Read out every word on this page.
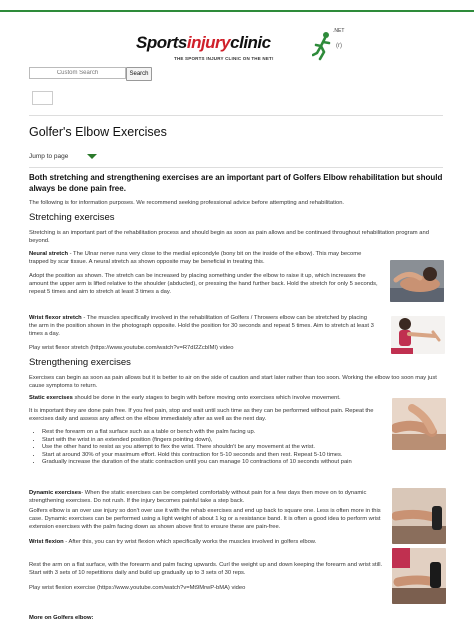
Sportsinjuryclinic
THE SPORTS INJURY CLINIC ON THE NET!
.NET
(r)
Custom Search
Search
Golfer's Elbow Exercises
Jump to page
Both stretching and strengthening exercises are an important part of Golfers Elbow rehabilitation but should always be done pain free.
The following is for information purposes. We recommend seeking professional advice before attempting and rehabilitation.
Stretching exercises
Stretching is an important part of the rehabilitation process and should begin as soon as pain allows and be continued throughout rehabilitation program and beyond.
Neural stretch - The Ulnar nerve runs very close to the medial epicondyle (bony bit on the inside of the elbow). This may become trapped by scar tissue. A neural stretch as shown opposite may be beneficial in treating this.
Adopt the position as shown. The stretch can be increased by placing something under the elbow to raise it up, which increases the amount the upper arm is lifted relative to the shoulder (abducted), or pressing the hand further back. Hold the stretch for only 5 seconds, repeat 5 times and aim to stretch at least 3 times a day.
Wrist flexor stretch - The muscles specifically involved in the rehabilitation of Golfers / Throwers elbow can be stretched by placing the arm in the position shown in the photograph opposite. Hold the position for 30 seconds and repeat 5 times. Aim to stretch at least 3 times a day.
Play wrist flexor stretch (https://www.youtube.com/watch?v=R7dI2ZcbIMI) video
Strengthening exercises
Exercises can begin as soon as pain allows but it is better to air on the side of caution and start later rather than too soon. Working the elbow too soon may just cause symptoms to return.
Static exercises should be done in the early stages to begin with before moving onto exercises which involve movement.
It is important they are done pain free. If you feel pain, stop and wait until such time as they can be performed without pain. Repeat the exercises daily and assess any affect on the elbow immediately after as well as the next day.
• Rest the forearm on a flat surface such as a table or bench with the palm facing up.
• Start with the wrist in an extended position (fingers pointing down),
• Use the other hand to resist as you attempt to flex the wrist. There shouldn't be any movement at the wrist.
• Start at around 30% of your maximum effort. Hold this contraction for 5-10 seconds and then rest. Repeat 5-10 times.
• Gradually increase the duration of the static contraction until you can manage 10 contractions of 10 seconds without pain
Dynamic exercises- When the static exercises can be completed comfortably without pain for a few days then move on to dynamic strengthening exercises. Do not rush. If the injury becomes painful take a step back.
Golfers elbow is an over use injury so don't over use it with the rehab exercises and end up back to square one. Less is often more in this case. Dynamic exercises can be performed using a light weight of about 1 kg or a resistance band. It is often a good idea to perform wrist extension exercises with the palm facing down as shown above first to ensure these are pain-free.
Wrist flexion - After this, you can try wrist flexion which specifically works the muscles involved in golfers elbow.
Rest the arm on a flat surface, with the forearm and palm facing upwards. Curl the weight up and down keeping the forearm and wrist still. Start with 3 sets of 10 repetitions daily and build up gradually up to 3 sets of 30 reps.
Play wrist flexion exercise (https://www.youtube.com/watch?v=Mt9MrwP-bMA) video
More on Golfers elbow:
